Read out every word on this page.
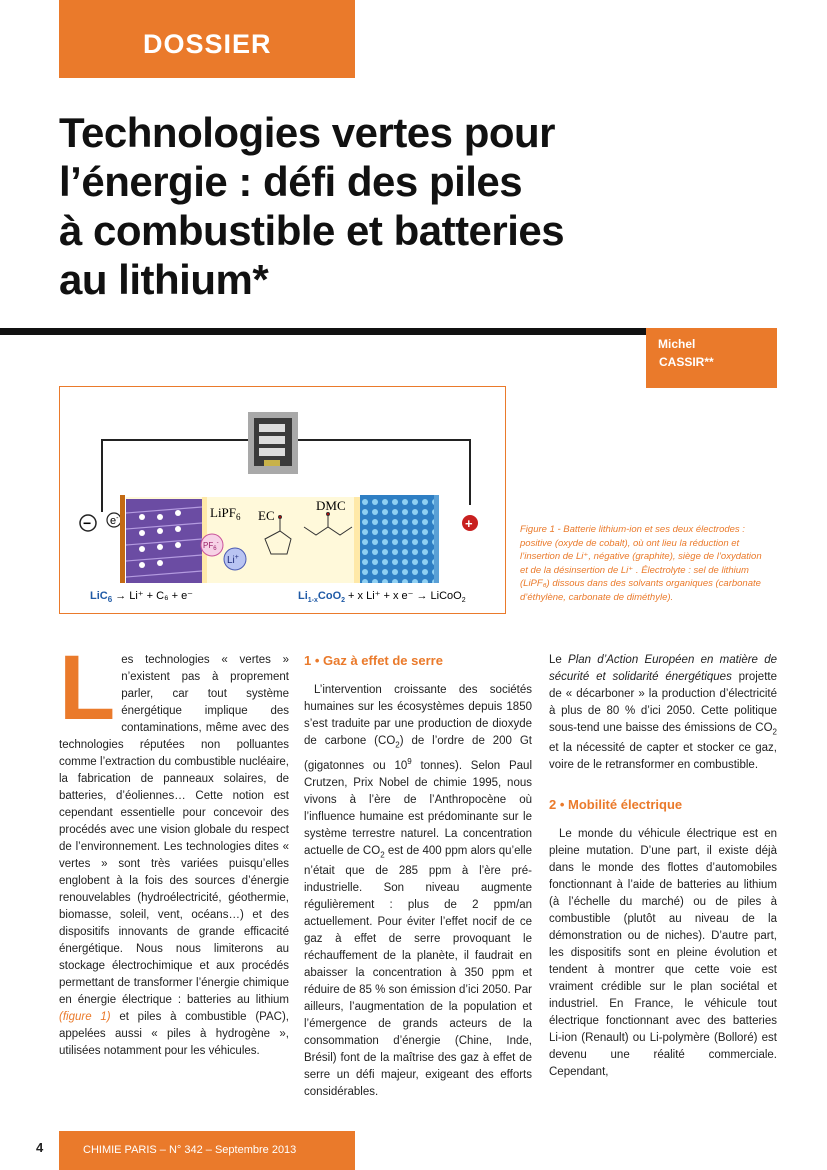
DOSSIER
Technologies vertes pour
l’énergie : défi des piles
à combustible et batteries
au lithium*
Michel
CASSIR**
e-
−	+
LiPF$_6$ EC
DMC
$PF_6^-$
Li+
LiC$_6$ → Li⁺ + C₆ + e⁻	$Li_{1-x}CoO_2 + x$ Li⁺ + x e⁻ → LiCoO$_2$
Figure 1 - Batterie lithium-ion et ses deux électrodes : positive (oxyde de cobalt), où ont lieu la réduction et l’insertion de Li⁺, négative (graphite), siège de l’oxydation et de la désinsertion de Li⁺ . Électrolyte : sel de lithium (LiPF₆) dissous dans des solvants organiques (carbonate d’éthylène, carbonate de diméthyle).
L es technologies « vertes » n’existent pas à proprement parler, car tout système énergétique implique des contaminations, même avec des technologies réputées non polluantes comme l’extraction du combustible nucléaire, la fabrication de panneaux solaires, de batteries, d’éoliennes… Cette notion est cependant essentielle pour concevoir des procédés avec une vision globale du respect de l’environnement. Les technologies dites « vertes » sont très variées puisqu’elles englobent à la fois des sources d’énergie renouvelables (hydroélectricité, géothermie, biomasse, soleil, vent, océans…) et des dispositifs innovants de grande efficacité énergétique. Nous nous limiterons au stockage électrochimique et aux procédés permettant de transformer l’énergie chimique en énergie électrique : batteries au lithium (figure 1) et piles à combustible (PAC), appelées aussi « piles à hydrogène », utilisées notamment pour les véhicules.

1 • Gaz à effet de serre

L’intervention croissante des sociétés humaines sur les écosystèmes depuis 1850 s’est traduite par une production de dioxyde de carbone $(CO_2)$ de l’ordre de 200 Gt (gigatonnes ou $10^9$ tonnes). Selon Paul Crutzen, Prix Nobel de chimie 1995, nous vivons à l’ère de l’Anthropocène où l’influence humaine est prédominante sur le système terrestre naturel. La concentration actuelle de $CO_2$ est de 400 ppm alors qu’elle n’était que de 285 ppm à l’ère pré-industrielle. Son niveau augmente régulièrement : plus de 2 ppm/an actuellement. Pour éviter l’effet nocif de ce gaz à effet de serre provoquant le réchauffement de la planète, il faudrait en abaisser la concentration à 350 ppm et réduire de 85 % son émission d’ici 2050. Par ailleurs, l’augmentation de la population et l’émergence de grands acteurs de la consommation d’énergie (Chine, Inde, Brésil) font de la maîtrise des gaz à effet de serre un défi majeur, exigeant des efforts considérables.

Le Plan d’Action Européen en matière de sécurité et solidarité énergétiques projette de « décarboner » la production d’électricité à plus de 80 % d’ici 2050. Cette politique sous-tend une baisse des émissions de $CO_2$ et la nécessité de capter et stocker ce gaz, voire de le retransformer en combustible.

2 • Mobilité électrique

Le monde du véhicule électrique est en pleine mutation. D’une part, il existe déjà dans le monde des flottes d’automobiles fonctionnant à l’aide de batteries au lithium (à l’échelle du marché) ou de piles à combustible (plutôt au niveau de la démonstration ou de niches). D’autre part, les dispositifs sont en pleine évolution et tendent à montrer que cette voie est vraiment crédible sur le plan sociétal et industriel. En France, le véhicule tout électrique fonctionnant avec des batteries Li-ion (Renault) ou Li-polymère (Bolloré) est devenu une réalité commerciale. Cependant,

4	CHIMIE PARIS – N° 342 – Septembre 2013
